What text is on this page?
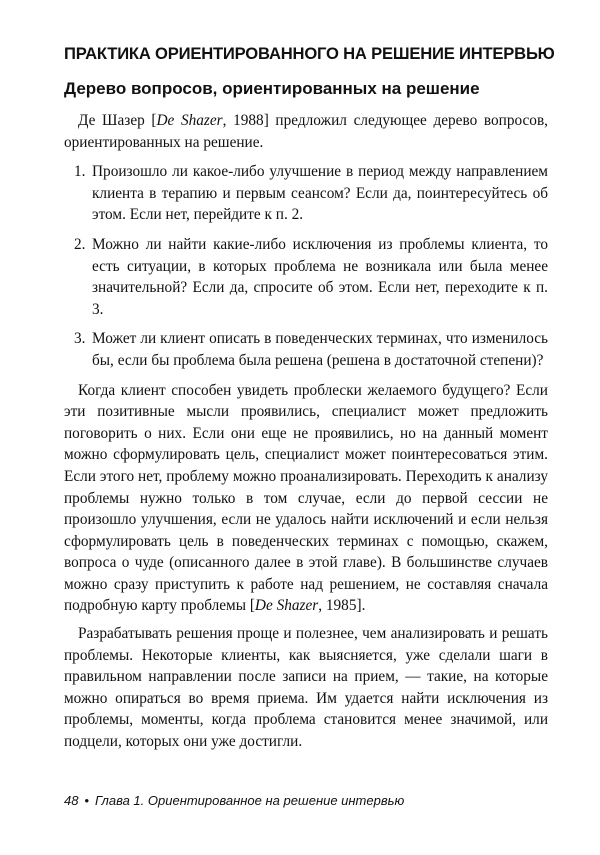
ПРАКТИКА ОРИЕНТИРОВАННОГО НА РЕШЕНИЕ ИНТЕРВЬЮ
Дерево вопросов, ориентированных на решение

Де Шазер [De Shazer, 1988] предложил следующее дерево вопросов, ориентированных на решение.

1. Произошло ли какое-либо улучшение в период между направлением клиента в терапию и первым сеансом? Если да, поинтересуйтесь об этом. Если нет, перейдите к п. 2.
2. Можно ли найти какие-либо исключения из проблемы клиента, то есть ситуации, в которых проблема не возникала или была менее значительной? Если да, спросите об этом. Если нет, переходите к п. 3.
3. Может ли клиент описать в поведенческих терминах, что изменилось бы, если бы проблема была решена (решена в достаточной степени)?

Когда клиент способен увидеть проблески желаемого будущего? Если эти позитивные мысли проявились, специалист может предложить поговорить о них. Если они еще не проявились, но на данный момент можно сформулировать цель, специалист может поинтересоваться этим. Если этого нет, проблему можно проанализировать. Переходить к анализу проблемы нужно только в том случае, если до первой сессии не произошло улучшения, если не удалось найти исключений и если нельзя сформулировать цель в поведенческих терминах с помощью, скажем, вопроса о чуде (описанного далее в этой главе). В большинстве случаев можно сразу приступить к работе над решением, не составляя сначала подробную карту проблемы [De Shazer, 1985].

Разрабатывать решения проще и полезнее, чем анализировать и решать проблемы. Некоторые клиенты, как выясняется, уже сделали шаги в правильном направлении после записи на прием, — такие, на которые можно опираться во время приема. Им удается найти исключения из проблемы, моменты, когда проблема становится менее значимой, или подцели, которых они уже достигли.

48 • Глава 1. Ориентированное на решение интервью
